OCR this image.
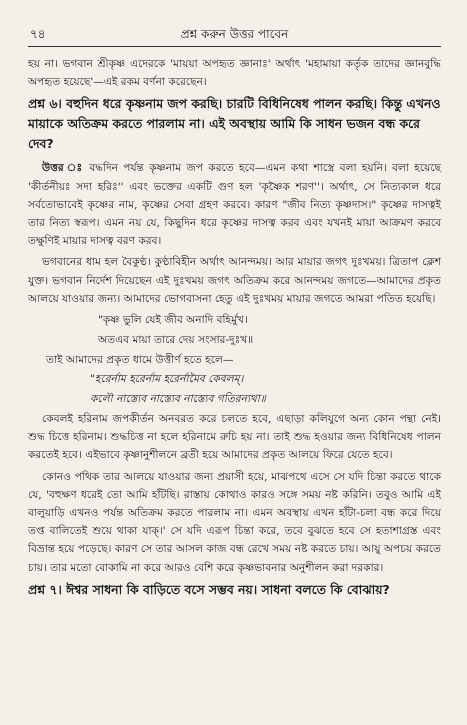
৭৪	প্রশ্ন করুন উত্তর পাবেন

হয় না। ভগবান শ্রীকৃষ্ণ এদেরকে 'মায়য়া অপহৃত জ্ঞানাঃ' অর্থাৎ 'মহামায়া কর্তৃক তাদের জ্ঞানবুদ্ধি অপহৃত হয়েছে'—এই রকম বর্ণনা করেছেন।

প্রশ্ন ৬। বহুদিন ধরে কৃষ্ণনাম জপ করছি। চারটি বিধিনিষেধ পালন করছি। কিন্তু এখনও মায়াকে অতিক্রম করতে পারলাম না। এই অবস্থায় আমি কি সাধন ভজন বন্ধ করে দেব?

উত্তর ঃ বদ্ধদিন পর্যন্ত কৃষ্ণনাম জপ করতে হবে—এমন কথা শাস্ত্রে বলা হয়নি। বলা হয়েছে 'কীর্তনীয়ঃ সদা হরিঃ'' এবং ভক্তের একটি গুণ হল 'কৃষ্ণৈক শরণ''। অর্থাৎ, সে নিত্যকাল ধরে সর্বতোভাবেই কৃষ্ণের নাম, কৃষ্ণের সেবা গ্রহণ করবে। কারণ "জীব নিত্য কৃষ্ণদাস।" কৃষ্ণের দাসত্বই তার নিত্য স্বরূপ। এমন নয় যে, কিছুদিন ধরে কৃষ্ণের দাসত্ব করব এবং যখনই মায়া আক্রমণ করবে তক্ষুণিই মায়ার দাসত্ব বরণ করব।

ভগবানের ধাম হল বৈকুণ্ঠ। কুণ্ঠাবিহীন অর্থাৎ আনন্দময়। আর মায়ার জগৎ দুঃখময়। ত্রিতাপ ক্লেশ যুক্ত। ভগবান নির্দেশ দিয়েছেন এই দুঃখময় জগৎ অতিক্রম করে আনন্দময় জগতে—আমাদের প্রকৃত আলয়ে যাওয়ার জন্য। আমাদের ভোগবাসনা হেতু এই দুঃখময় মায়ার জগতে আমরা পতিত হয়েছি।

"কৃষ্ণ ভুলি যেই জীব অনাদি বহির্মুখ।

অতএব মায়া তারে দেয় সংসার-দুঃখ॥

তাই আমাদের প্রকৃত ধামে উত্তীর্ণ হতে হলে—

"হরের্নাম হরের্নাম হরের্নামৈব কেবলম্।

কলৌ নাস্ত্যেব নাস্ত্যেব নাস্ত্যেব গতিরন্যথা॥

কেবলই হরিনাম জপকীর্তন অনবরত করে চলতে হবে, এছাড়া কলিযুগে অন্য কোন পন্থা নেই। শুদ্ধ চিত্তে হরিনাম। শুদ্ধচিত্ত না হলে হরিনামে রুচি হয় না। তাই শুদ্ধ হওয়ার জন্য বিধিনিষেধ পালন করতেই হবে। এইভাবে কৃষ্ণানুশীলনে ব্রতী হয়ে আমাদের প্রকৃত আলয়ে ফিরে যেতে হবে।

কোনও পথিক তার আলয়ে যাওয়ার জন্য প্রয়াসী হয়ে, মাঝপথে এসে সে যদি চিন্তা করতে থাকে যে, 'বহুক্ষণ ধরেই তো আমি হাঁটছি। রাস্তায় কোথাও কারও সঙ্গে সময় নষ্ট করিনি। তবুও আমি এই বালুয়াড়ি এখনও পর্যন্ত অতিক্রম করতে পারলাম না। এমন অবস্থায় এখন হাঁটা-চলা বন্ধ করে দিয়ে তপ্ত বালিতেই শুয়ে থাকা যাক্।' সে যদি এরূপ চিন্তা করে, তবে বুঝতে হবে সে হতাশাগ্রস্ত এবং বিভ্রান্ত হয়ে পড়েছে। কারণ সে তার আসল কাজ বন্ধ রেখে সময় নষ্ট করতে চায়। আয়ু অপচয় করতে চায়। তার মতো বোকামি না করে আরও বেশি করে কৃষ্ণভাবনার অনুশীলন করা দরকার।

প্রশ্ন ৭। ঈশ্বর সাধনা কি বাড়িতে বসে সম্ভব নয়। সাধনা বলতে কি বোঝায়?
